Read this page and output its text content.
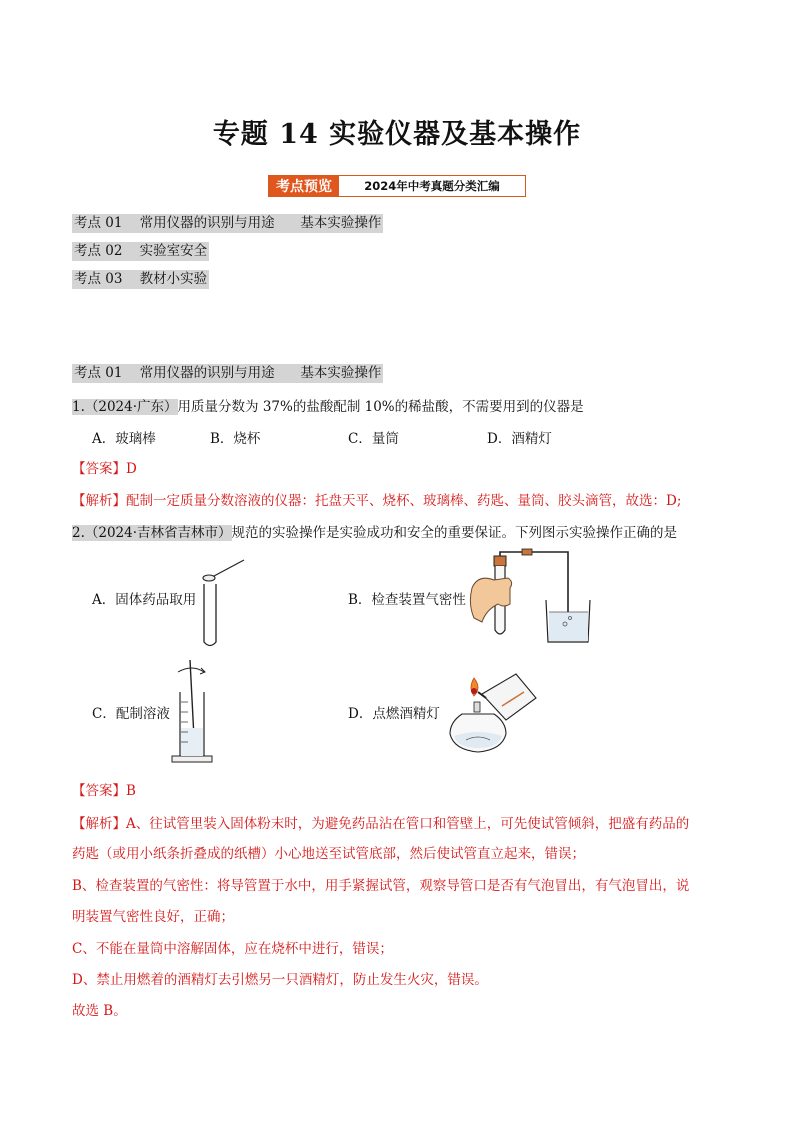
专题 14 实验仪器及基本操作
考点预览	2024年中考真题分类汇编
考点 01    常用仪器的识别与用途      基本实验操作
考点 02    实验室安全
考点 03    教材小实验
考点 01    常用仪器的识别与用途      基本实验操作
1.（2024·广东）用质量分数为 37%的盐酸配制 10%的稀盐酸，不需要用到的仪器是
A．玻璃棒	B．烧杯	C．量筒	D．酒精灯
【答案】D
【解析】配制一定质量分数溶液的仪器：托盘天平、烧杯、玻璃棒、药匙、量筒、胶头滴管，故选：D;
2.（2024·吉林省吉林市）规范的实验操作是实验成功和安全的重要保证。下列图示实验操作正确的是
A．固体药品取用	B．检查装置气密性
C．配制溶液	D．点燃酒精灯
【答案】B
【解析】A、往试管里装入固体粉末时，为避免药品沾在管口和管壁上，可先使试管倾斜，把盛有药品的
药匙（或用小纸条折叠成的纸槽）小心地送至试管底部，然后使试管直立起来，错误；
B、检查装置的气密性：将导管置于水中，用手紧握试管，观察导管口是否有气泡冒出，有气泡冒出，说
明装置气密性良好，正确；
C、不能在量筒中溶解固体，应在烧杯中进行，错误；
D、禁止用燃着的酒精灯去引燃另一只酒精灯，防止发生火灾，错误。
故选 B。
